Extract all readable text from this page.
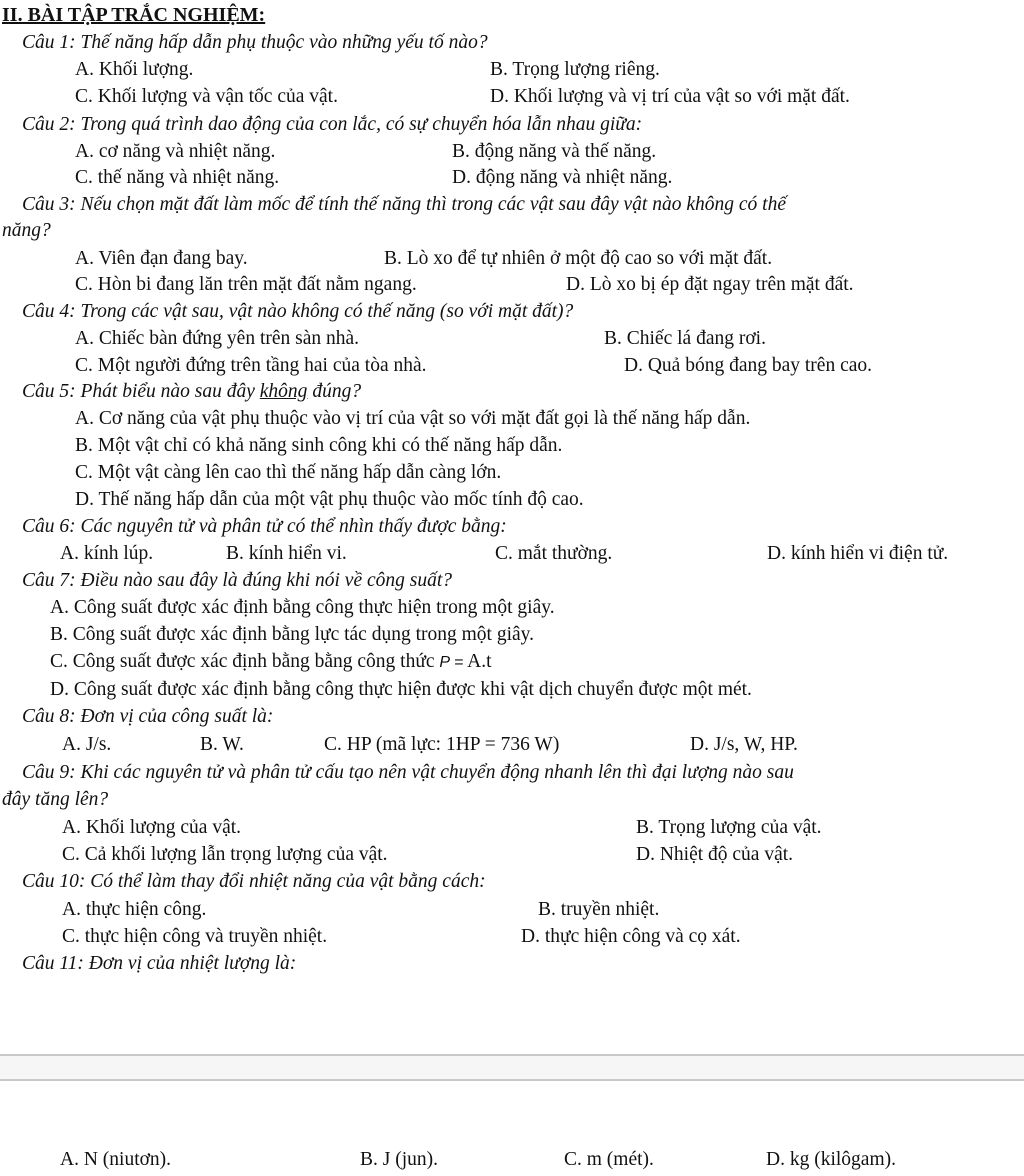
II. BÀI TẬP TRẮC NGHIỆM:
Câu 1: Thế năng hấp dẫn phụ thuộc vào những yếu tố nào?
A. Khối lượng.	B. Trọng lượng riêng.
C. Khối lượng và vận tốc của vật.	D. Khối lượng và vị trí của vật so với mặt đất.
Câu 2: Trong quá trình dao động của con lắc, có sự chuyển hóa lẫn nhau giữa:
A. cơ năng và nhiệt năng.	B. động năng và thế năng.
C. thế năng và nhiệt năng.	D. động năng và nhiệt năng.
Câu 3: Nếu chọn mặt đất làm mốc để tính thế năng thì trong các vật sau đây vật nào không có thế
năng?
A. Viên đạn đang bay.	B. Lò xo để tự nhiên ở một độ cao so với mặt đất.
C. Hòn bi đang lăn trên mặt đất nằm ngang.	D. Lò xo bị ép đặt ngay trên mặt đất.
Câu 4: Trong các vật sau, vật nào không có thế năng (so với mặt đất)?
A. Chiếc bàn đứng yên trên sàn nhà.	B. Chiếc lá đang rơi.
C. Một người đứng trên tầng hai của tòa nhà.	D. Quả bóng đang bay trên cao.
Câu 5: Phát biểu nào sau đây không đúng?
A. Cơ năng của vật phụ thuộc vào vị trí của vật so với mặt đất gọi là thế năng hấp dẫn.
B. Một vật chỉ có khả năng sinh công khi có thế năng hấp dẫn.
C. Một vật càng lên cao thì thế năng hấp dẫn càng lớn.
D. Thế năng hấp dẫn của một vật phụ thuộc vào mốc tính độ cao.
Câu 6: Các nguyên tử và phân tử có thể nhìn thấy được bằng:
A. kính lúp.	B. kính hiển vi.	C. mắt thường.	D. kính hiển vi điện tử.
Câu 7: Điều nào sau đây là đúng khi nói về công suất?
A. Công suất được xác định bằng công thực hiện trong một giây.
B. Công suất được xác định bằng lực tác dụng trong một giây.
C. Công suất được xác định bằng bằng công thức P = A.t
D. Công suất được xác định bằng công thực hiện được khi vật dịch chuyển được một mét.
Câu 8: Đơn vị của công suất là:
A. J/s.	B. W.	C. HP (mã lực: 1HP = 736 W)	D. J/s, W, HP.
Câu 9: Khi các nguyên tử và phân tử cấu tạo nên vật chuyển động nhanh lên thì đại lượng nào sau
đây tăng lên?
A. Khối lượng của vật.	B. Trọng lượng của vật.
C. Cả khối lượng lẫn trọng lượng của vật.	D. Nhiệt độ của vật.
Câu 10: Có thể làm thay đổi nhiệt năng của vật bằng cách:
A. thực hiện công.	B. truyền nhiệt.
C. thực hiện công và truyền nhiệt.	D. thực hiện công và cọ xát.
Câu 11: Đơn vị của nhiệt lượng là:
A. N (niutơn).	B. J (jun).	C. m (mét).	D. kg (kilôgam).
